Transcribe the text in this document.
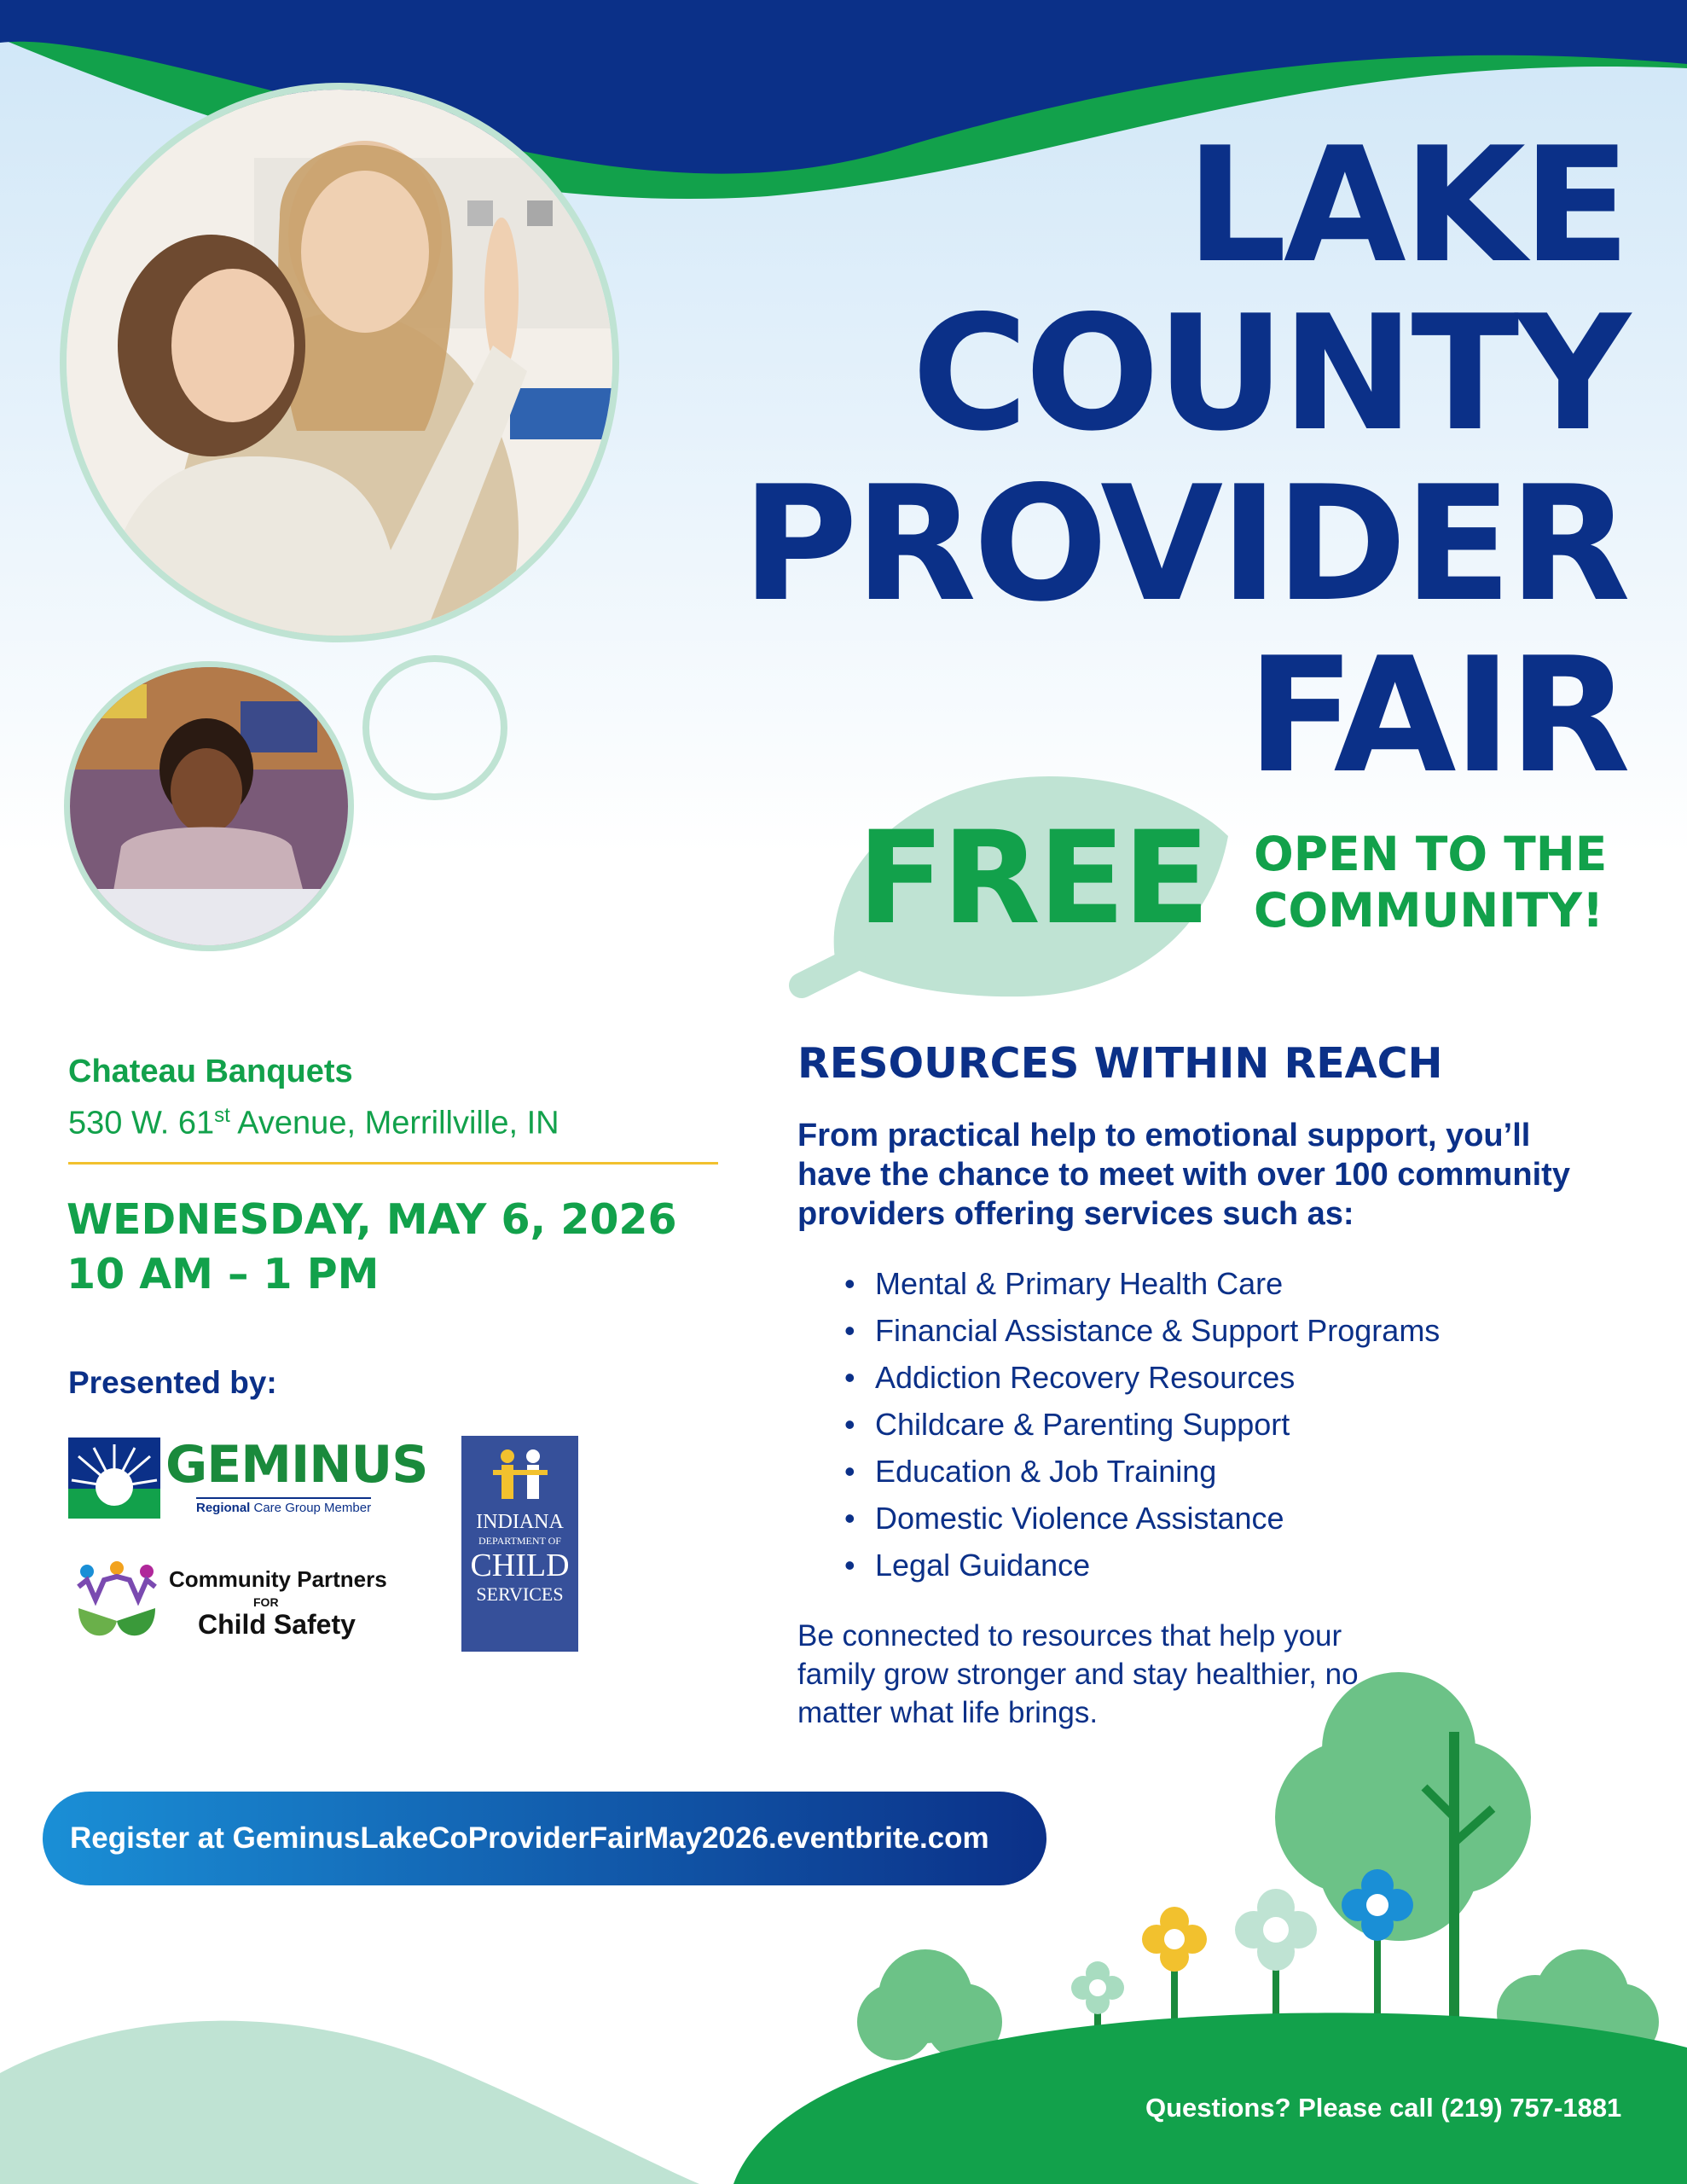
LAKE
COUNTY
PROVIDER
FAIR
FREE OPEN TO THE
COMMUNITY!
Chateau Banquets
530 W. 61st Avenue, Merrillville, IN
WEDNESDAY, MAY 6, 2026
10 AM – 1 PM
Presented by:
GEMINUS
Regional Care Group Member
Community Partners
FOR
Child Safety
INDIANA
DEPARTMENT OF
CHILD
SERVICES
RESOURCES WITHIN REACH
From practical help to emotional support, you’ll have the chance to meet with over 100 community providers offering services such as:
• Mental & Primary Health Care
• Financial Assistance & Support Programs
• Addiction Recovery Resources
• Childcare & Parenting Support
• Education & Job Training
• Domestic Violence Assistance
• Legal Guidance
Be connected to resources that help your family grow stronger and stay healthier, no matter what life brings.
Register at GeminusLakeCoProviderFairMay2026.eventbrite.com
Questions? Please call (219) 757-1881
